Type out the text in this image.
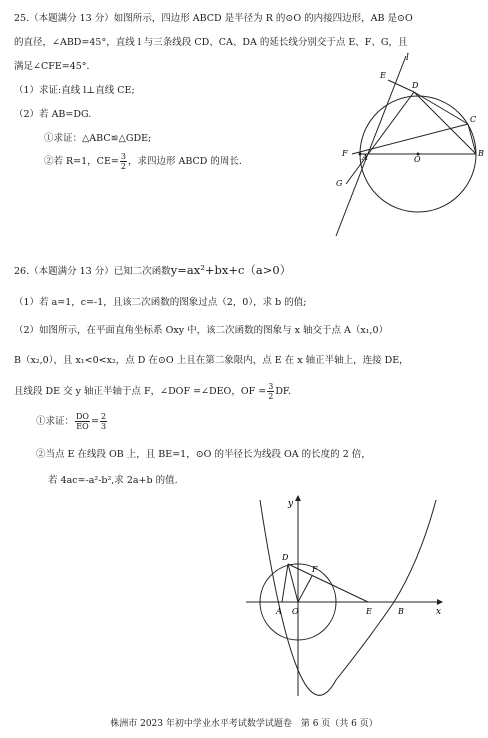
25.（本题满分 13 分）如图所示，四边形 ABCD 是半径为 R 的⊙O 的内接四边形，AB 是⊙O
的直径，∠ABD=45°，直线 l 与三条线段 CD、CA、DA 的延长线分别交于点 E、F、G，且
满足∠CFE=45°．
（1）求证:直线 l⊥直线 CE;
（2）若 AB=DG.
①求证：△ABC≌△GDE;
②若 R=1，$CE= \frac{3}{2}$ ，求四边形 ABCD 的周长.
l
E
D
C
F A	O
B
G
26.（本题满分 13 分）已知二次函数y=ax²+bx+c（a>0）
（1）若 a=1，c=-1，且该二次函数的图象过点（2，0），求 b 的值;
（2）如图所示，在平面直角坐标系 Oxy 中，该二次函数的图象与 x 轴交于点 A（x₁,0）
B（x₂,0），且 x₁<0<x₂，点 D 在⊙O 上且在第二象限内，点 E 在 x 轴正半轴上，连接 DE，
且线段 DE 交 y 轴正半轴于点 F，∠DOF =∠DEO，OF = $\frac{3}{2}$ DF.
①求证： $\frac{DO}{EO} = \frac{2}{3}$
②当点 E 在线段 OB 上，且 BE=1，⊙O 的半径长为线段 OA 的长度的 2 倍，
若 4ac=-a²-b²,求 2a+b 的值.
y
x
D
F
A O	E	B
株洲市 2023 年初中学业水平考试数学试题卷　第 6 页（共 6 页）
